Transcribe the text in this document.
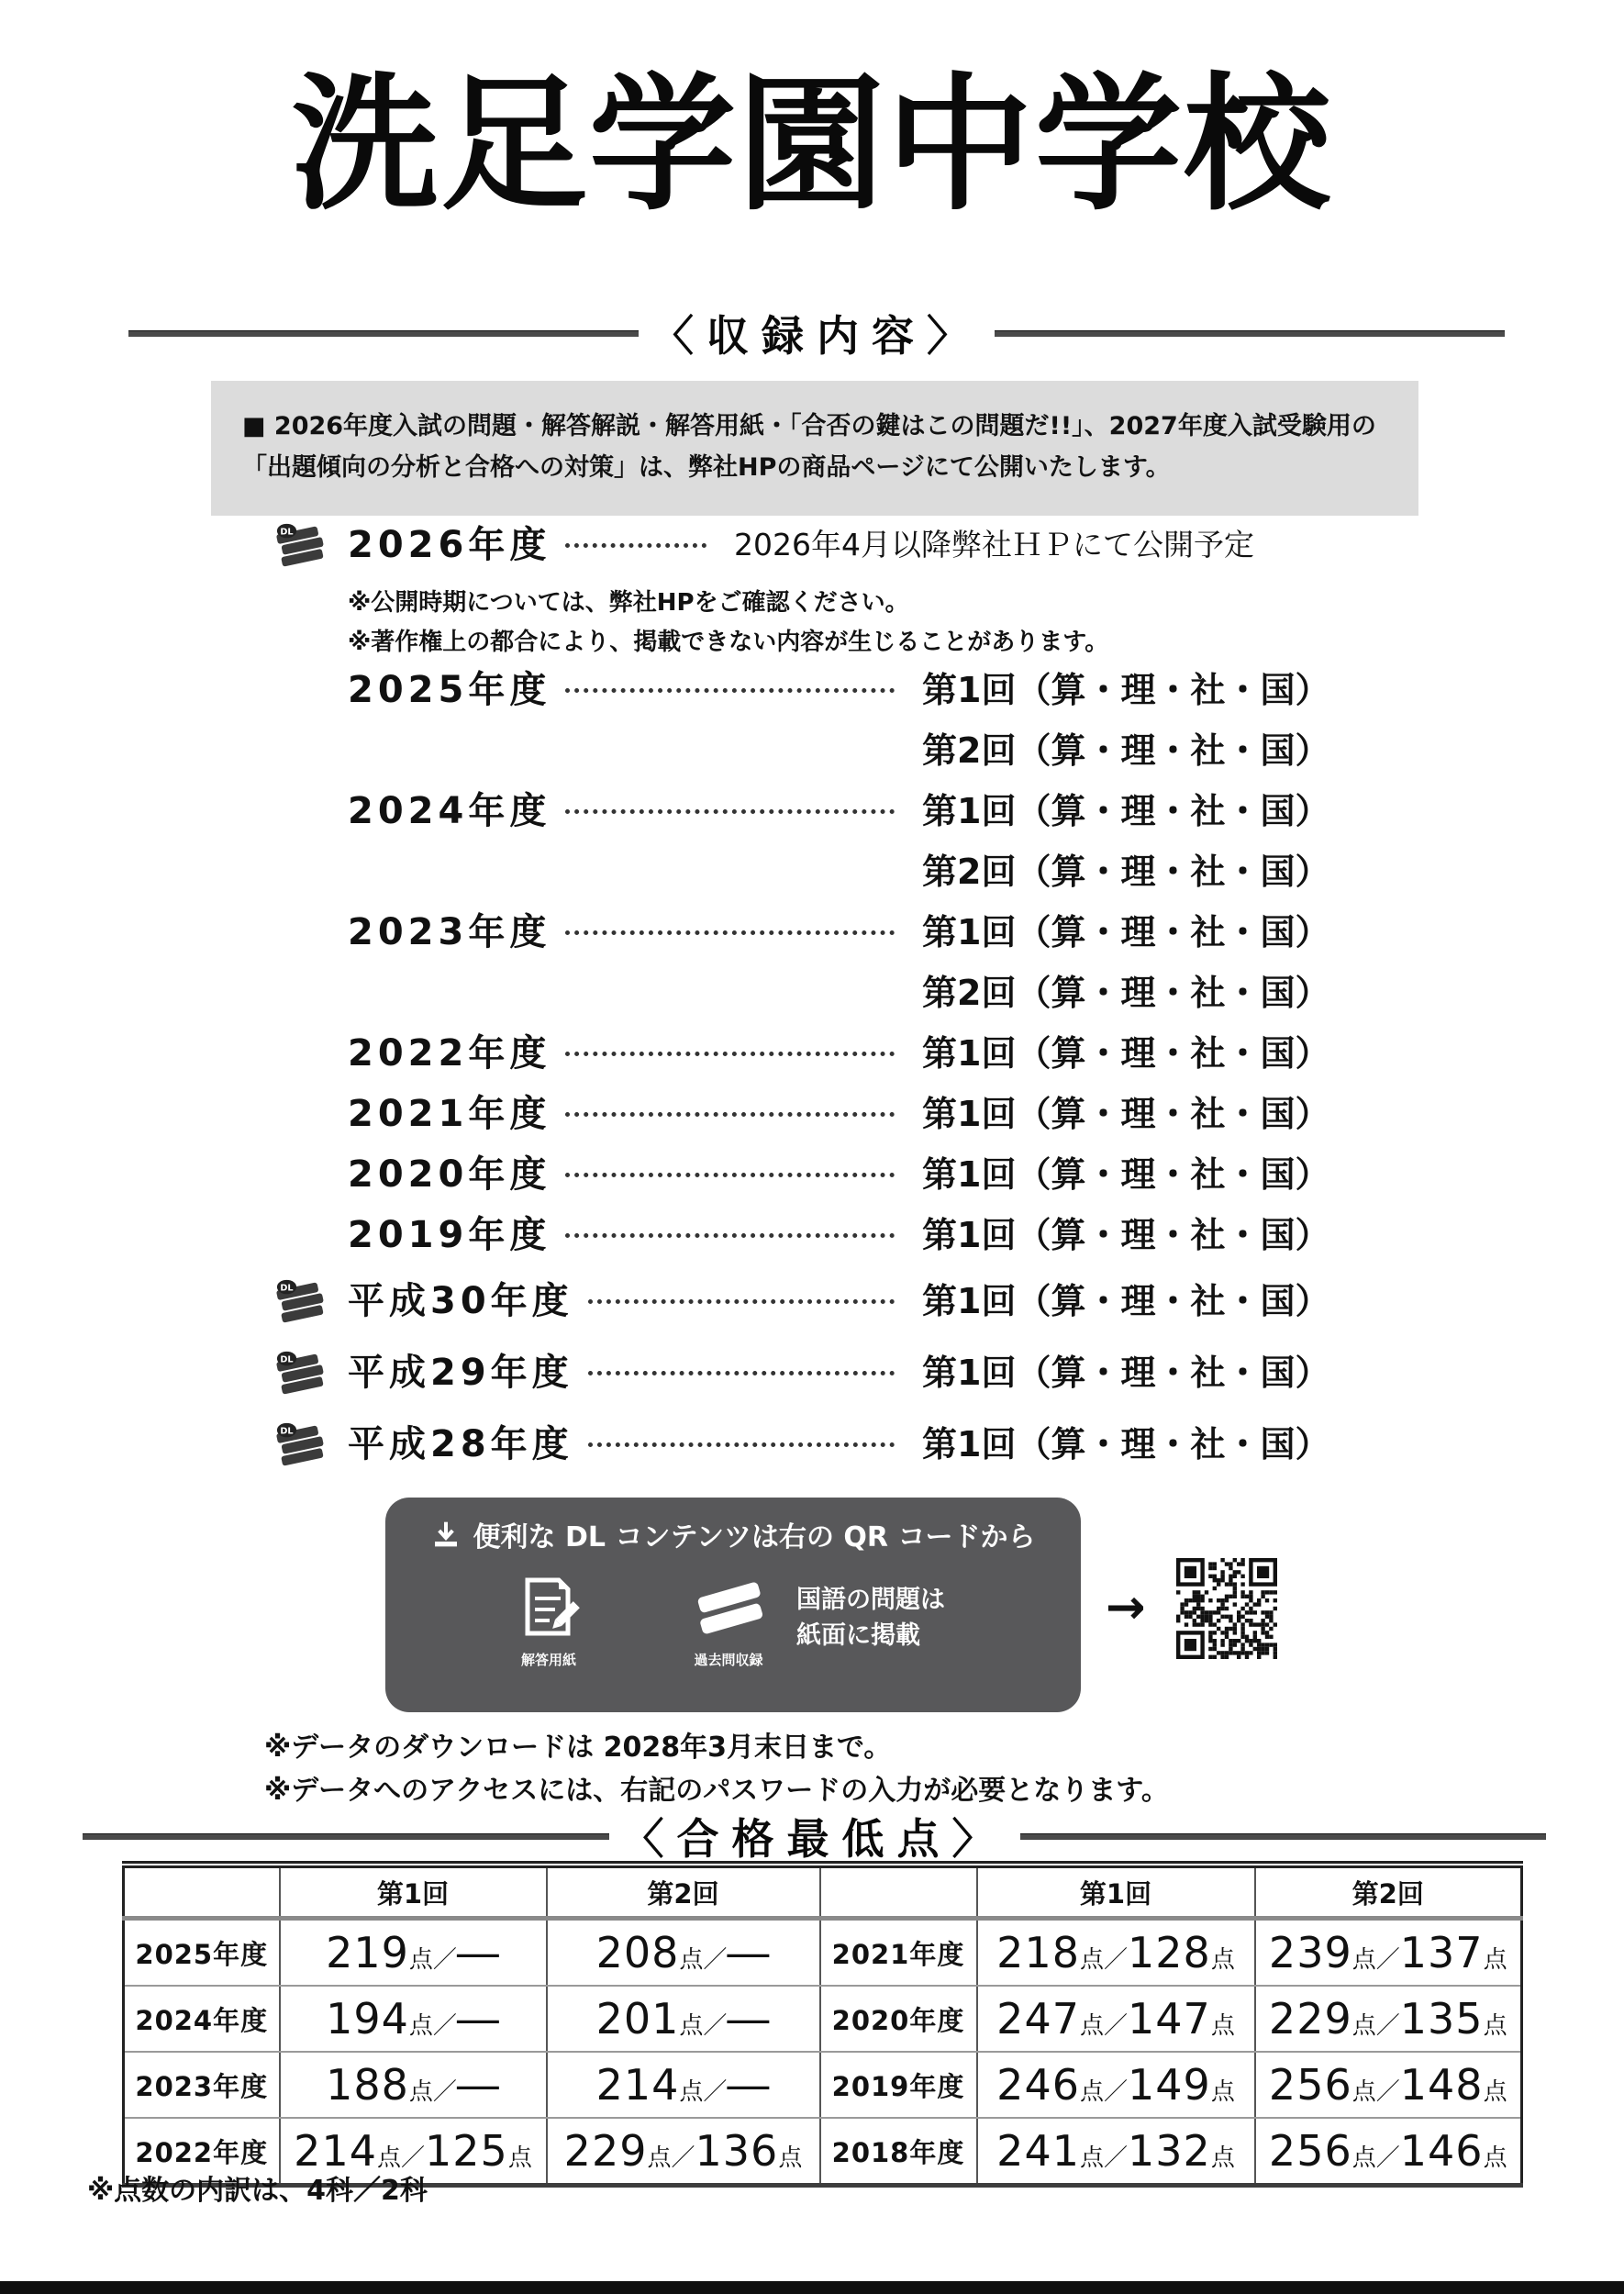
洗足学園中学校
〈収録内容〉
■ 2026年度入試の問題・解答解説・解答用紙・「合否の鍵はこの問題だ!!」、2027年度入試受験用の
「出題傾向の分析と合格への対策」は、弊社HPの商品ページにて公開いたします。
DL 2026年度	2026年4月以降弊社ＨＰにて公開予定
※公開時期については、弊社HPをご確認ください。
※著作権上の都合により、掲載できない内容が生じることがあります。
2025年度	第1回（算・理・社・国）
第2回（算・理・社・国）
2024年度	第1回（算・理・社・国）
第2回（算・理・社・国）
2023年度	第1回（算・理・社・国）
第2回（算・理・社・国）
2022年度	第1回（算・理・社・国）
2021年度	第1回（算・理・社・国）
2020年度	第1回（算・理・社・国）
2019年度	第1回（算・理・社・国）
DL 平成30年度	第1回（算・理・社・国）
DL 平成29年度	第1回（算・理・社・国）
DL 平成28年度	第1回（算・理・社・国）
便利な DL コンテンツは右の QR コードから
解答用紙	過去問収録
国語の問題は
紙面に掲載
→
※データのダウンロードは 2028年3月末日まで。
※データへのアクセスには、右記のパスワードの入力が必要となります。
〈合格最低点〉
	第1回	第2回		第1回	第2回
2025年度	219点／―	208点／―	2021年度	218点／128点	239点／137点
2024年度	194点／―	201点／―	2020年度	247点／147点	229点／135点
2023年度	188点／―	214点／―	2019年度	246点／149点	256点／148点
2022年度	214点／125点	229点／136点	2018年度	241点／132点	256点／146点
※点数の内訳は、4科／2科
